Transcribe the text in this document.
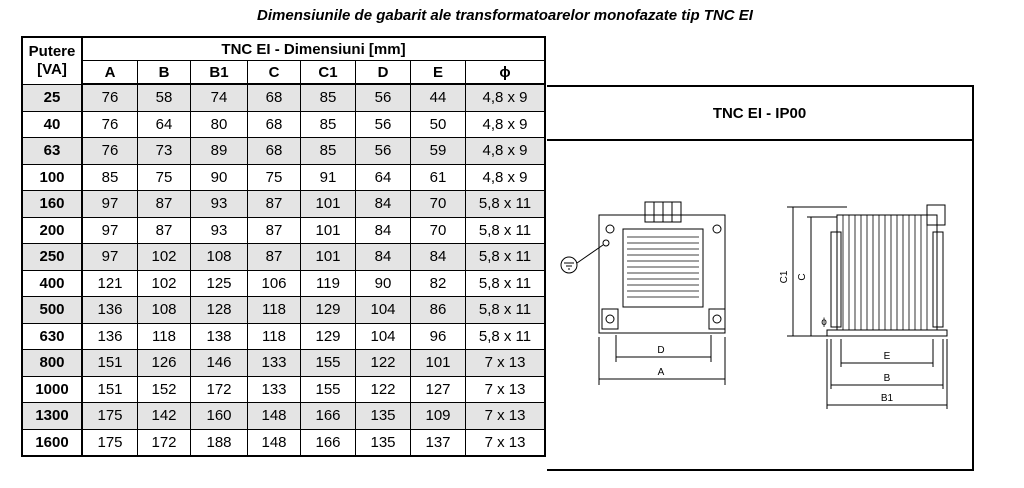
Dimensiunile de gabarit ale transformatoarelor monofazate tip TNC EI
Putere
[VA]	TNC EI - Dimensiuni [mm]							
	A	B	B1	C	C1	D	E	ϕ
25	76	58	74	68	85	56	44	4,8 x 9
40	76	64	80	68	85	56	50	4,8 x 9
63	76	73	89	68	85	56	59	4,8 x 9
100	85	75	90	75	91	64	61	4,8 x 9
160	97	87	93	87	101	84	70	5,8 x 11
200	97	87	93	87	101	84	70	5,8 x 11
250	97	102	108	87	101	84	84	5,8 x 11
400	121	102	125	106	119	90	82	5,8 x 11
500	136	108	128	118	129	104	86	5,8 x 11
630	136	118	138	118	129	104	96	5,8 x 11
800	151	126	146	133	155	122	101	7 x 13
1000	151	152	172	133	155	122	127	7 x 13
1300	175	142	160	148	166	135	109	7 x 13
1600	175	172	188	148	166	135	137	7 x 13
TNC EI - IP00
D
A
C1 C
ϕ
E
B
B1
